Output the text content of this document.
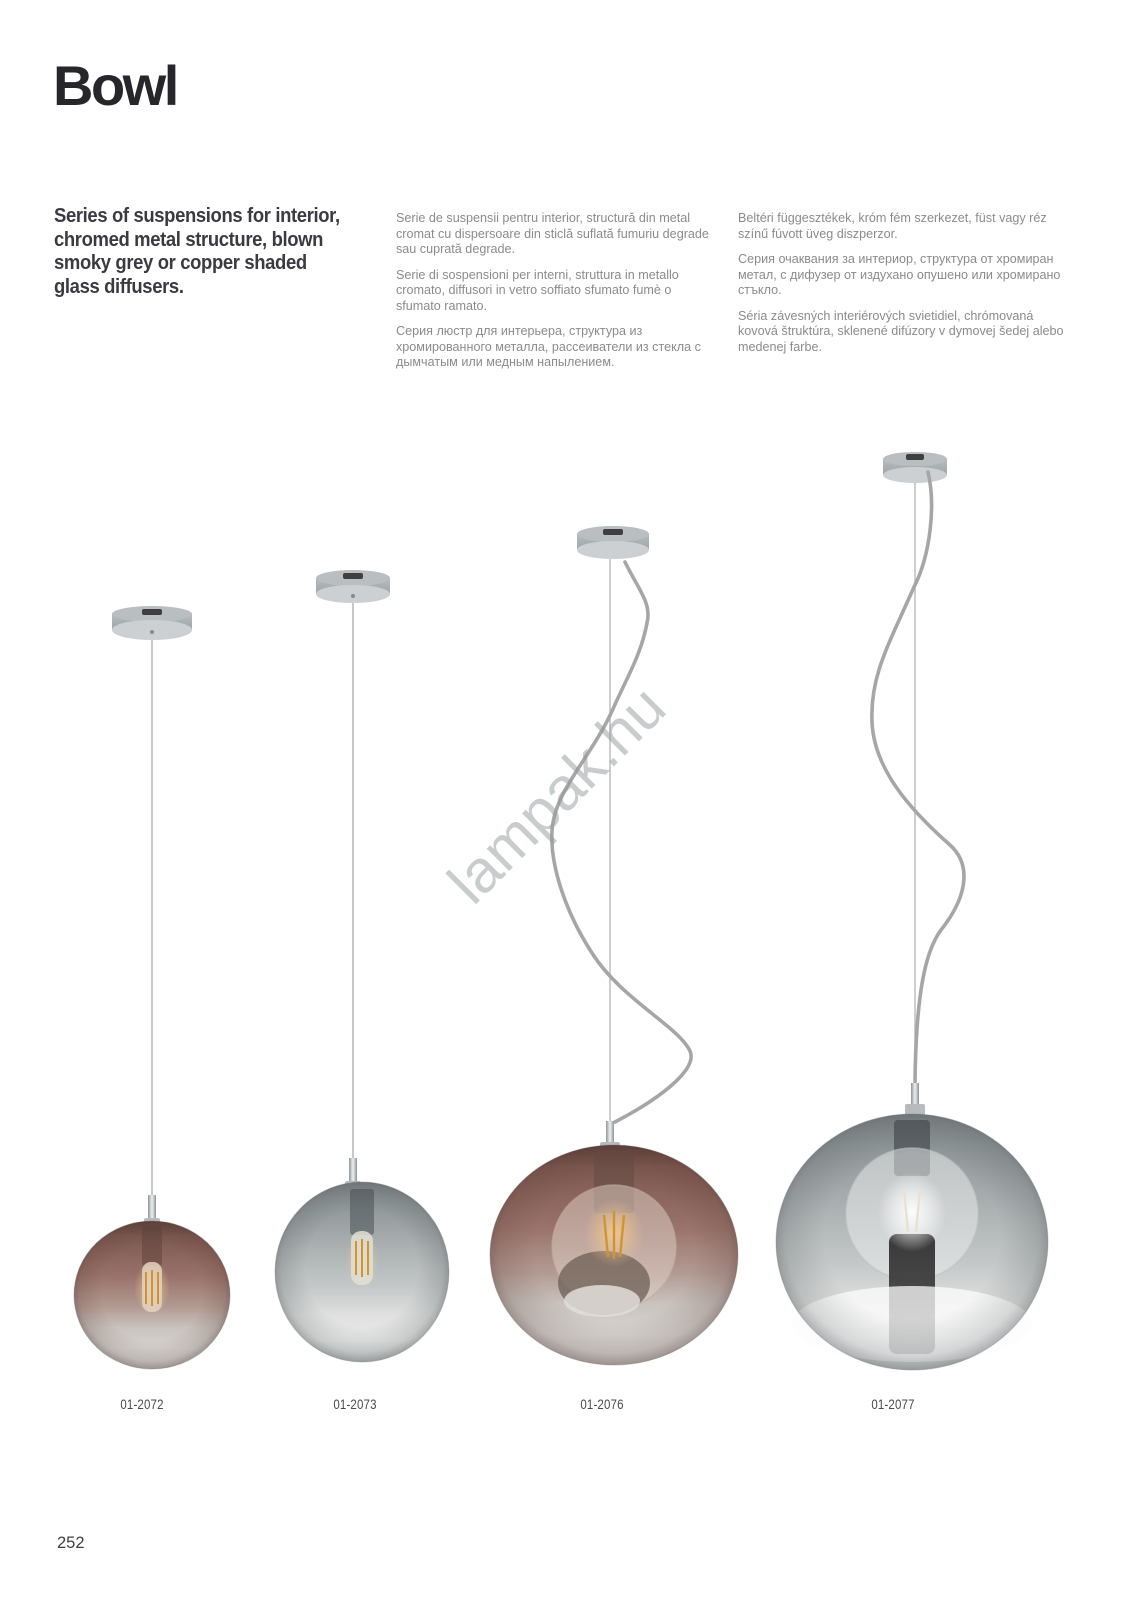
Bowl
Series of suspensions for interior,
chromed metal structure, blown
smoky grey or copper shaded
glass diffusers.

Serie de suspensii pentru interior, structură din metal cromat cu dispersoare din sticlă suflată fumuriu degrade sau cuprată degrade.

Serie di sospensioni per interni, struttura in metallo cromato, diffusori in vetro soffiato sfumato fumè o sfumato ramato.

Серия люстр для интерьера, структура из хромированного металла, рассеиватели из стекла с дымчатым или медным напылением.

Beltéri függesztékek, króm fém szerkezet, füst vagy réz színű fúvott üveg diszperzor.

Серия очаквания за интериор, структура от хромиран метал, с дифузер от издухано опушено или хромирано стъкло.

Séria závesných interiérových svietidiel, chrómovaná kovová štruktúra, sklenené difúzory v dymovej šedej alebo medenej farbe.

01-2072	01-2073	01-2076	01-2077
lampak.hu
252
